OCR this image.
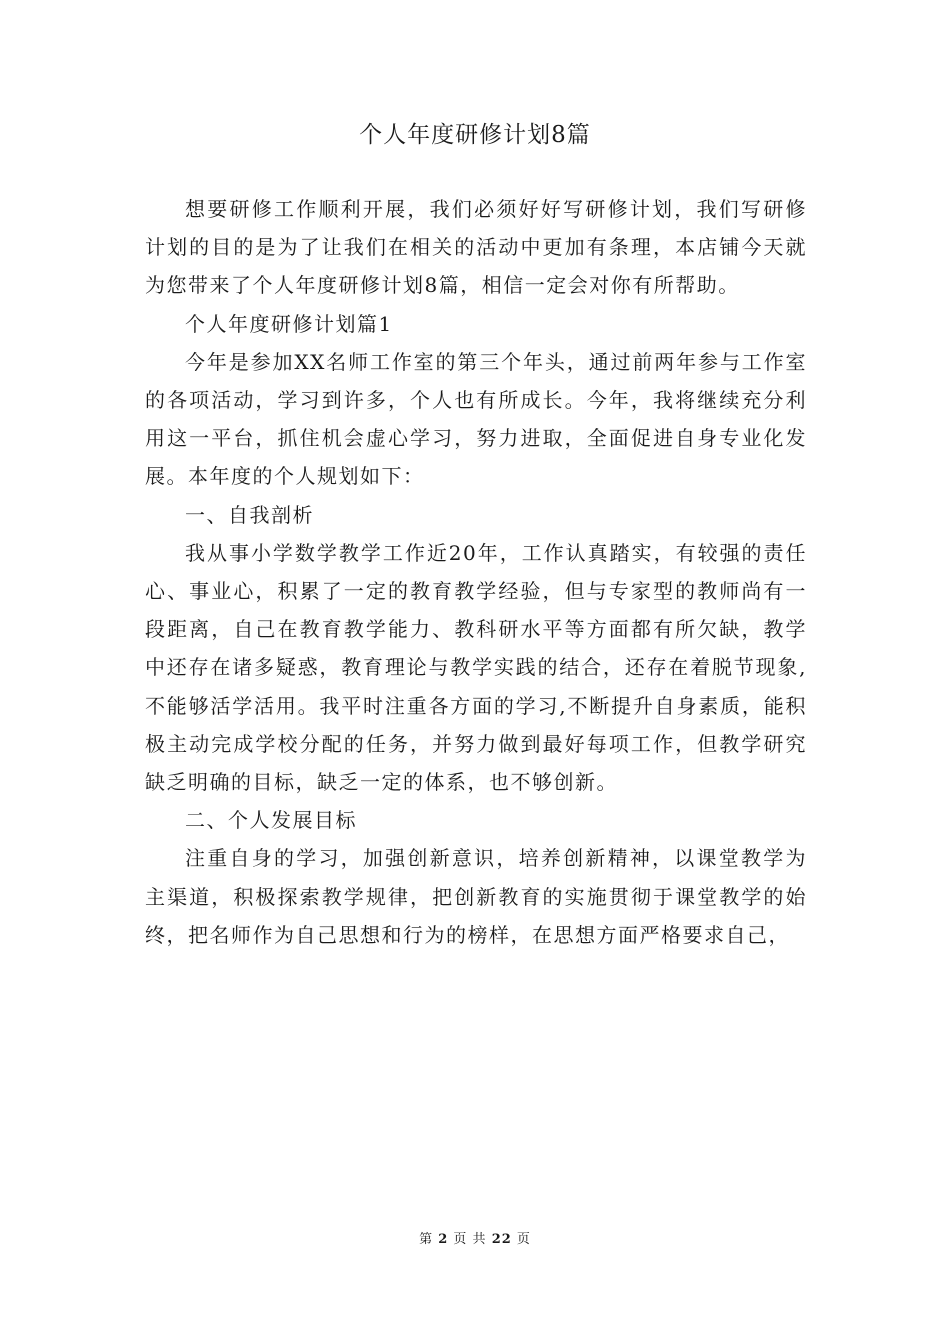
个人年度研修计划8篇

想要研修工作顺利开展，我们必须好好写研修计划，我们写研修计划的目的是为了让我们在相关的活动中更加有条理，本店铺今天就为您带来了个人年度研修计划8篇，相信一定会对你有所帮助。

个人年度研修计划篇1

今年是参加XX名师工作室的第三个年头，通过前两年参与工作室的各项活动，学习到许多，个人也有所成长。今年，我将继续充分利用这一平台，抓住机会虚心学习，努力进取，全面促进自身专业化发展。本年度的个人规划如下：

一、自我剖析

我从事小学数学教学工作近20年，工作认真踏实，有较强的责任心、事业心，积累了一定的教育教学经验，但与专家型的教师尚有一段距离，自己在教育教学能力、教科研水平等方面都有所欠缺，教学中还存在诸多疑惑，教育理论与教学实践的结合，还存在着脱节现象,不能够活学活用。我平时注重各方面的学习,不断提升自身素质，能积极主动完成学校分配的任务，并努力做到最好每项工作，但教学研究缺乏明确的目标，缺乏一定的体系，也不够创新。

二、个人发展目标

注重自身的学习，加强创新意识，培养创新精神，以课堂教学为主渠道，积极探索教学规律，把创新教育的实施贯彻于课堂教学的始终，把名师作为自己思想和行为的榜样，在思想方面严格要求自己，

第 2 页 共 22 页
